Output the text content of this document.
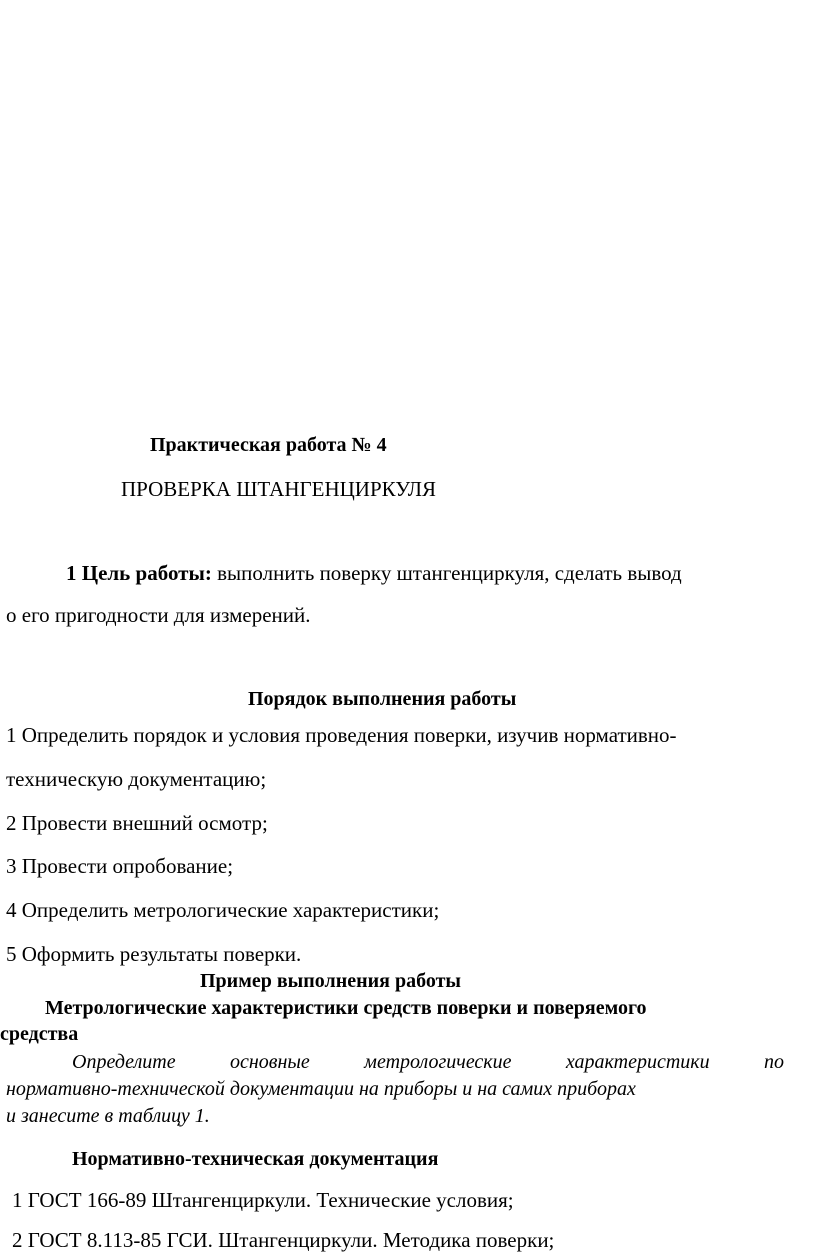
Практическая работа № 4
ПРОВЕРКА ШТАНГЕНЦИРКУЛЯ
1 Цель работы: выполнить поверку штангенциркуля, сделать вывод
о его пригодности для измерений.
Порядок выполнения работы
1 Определить порядок и условия проведения поверки, изучив нормативно-
техническую документацию;
2 Провести внешний осмотр;
3 Провести опробование;
4 Определить метрологические характеристики;
5 Оформить результаты поверки.
Пример выполнения работы
Метрологические характеристики средств поверки и поверяемого
средства
Определите основные метрологические характеристики по
нормативно-технической документации на приборы и на самих приборах
и занесите в таблицу 1.
Нормативно-техническая документация
1 ГОСТ 166-89 Штангенциркули. Технические условия;
2 ГОСТ 8.113-85 ГСИ. Штангенциркули. Методика поверки;
